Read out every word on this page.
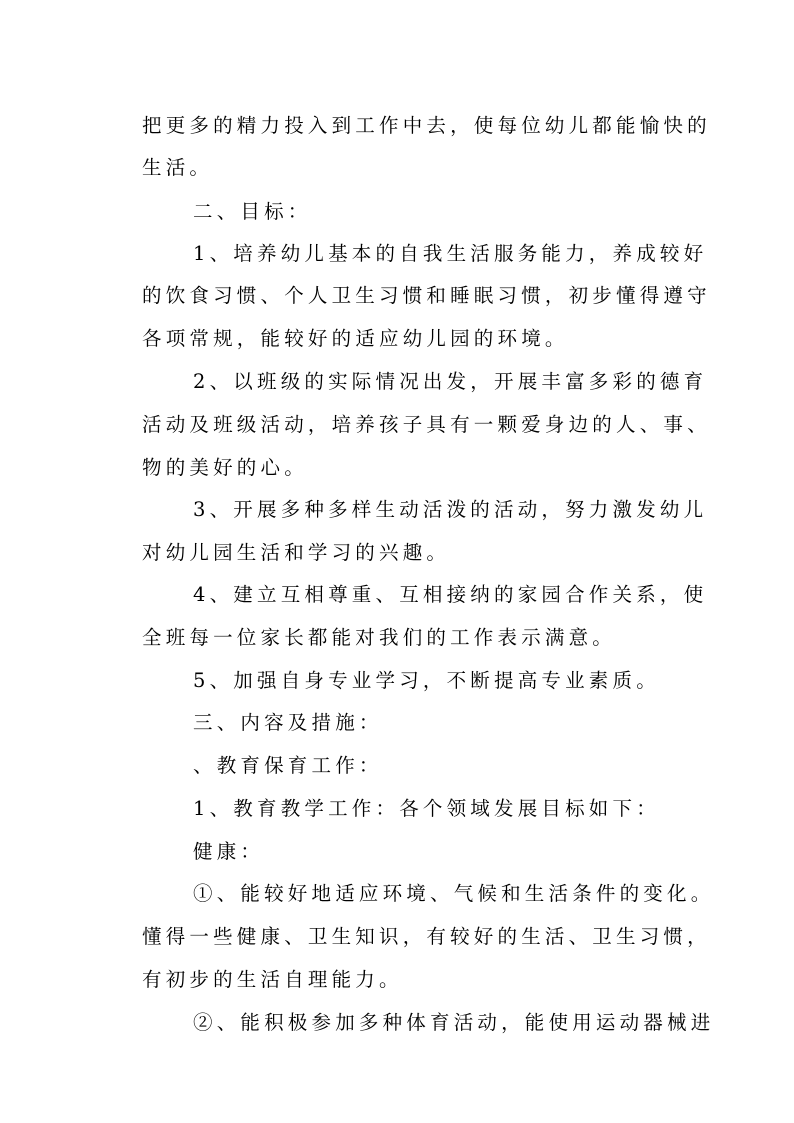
把更多的精力投入到工作中去，使每位幼儿都能愉快的
生活。
二、目标：
1、培养幼儿基本的自我生活服务能力，养成较好
的饮食习惯、个人卫生习惯和睡眠习惯，初步懂得遵守
各项常规，能较好的适应幼儿园的环境。
2、以班级的实际情况出发，开展丰富多彩的德育
活动及班级活动，培养孩子具有一颗爱身边的人、事、
物的美好的心。
3、开展多种多样生动活泼的活动，努力激发幼儿
对幼儿园生活和学习的兴趣。
4、建立互相尊重、互相接纳的家园合作关系，使
全班每一位家长都能对我们的工作表示满意。
5、加强自身专业学习，不断提高专业素质。
三、内容及措施：
、教育保育工作：
1、教育教学工作：各个领域发展目标如下：
健康：
①、能较好地适应环境、气候和生活条件的变化。
懂得一些健康、卫生知识，有较好的生活、卫生习惯，
有初步的生活自理能力。
②、能积极参加多种体育活动，能使用运动器械进
